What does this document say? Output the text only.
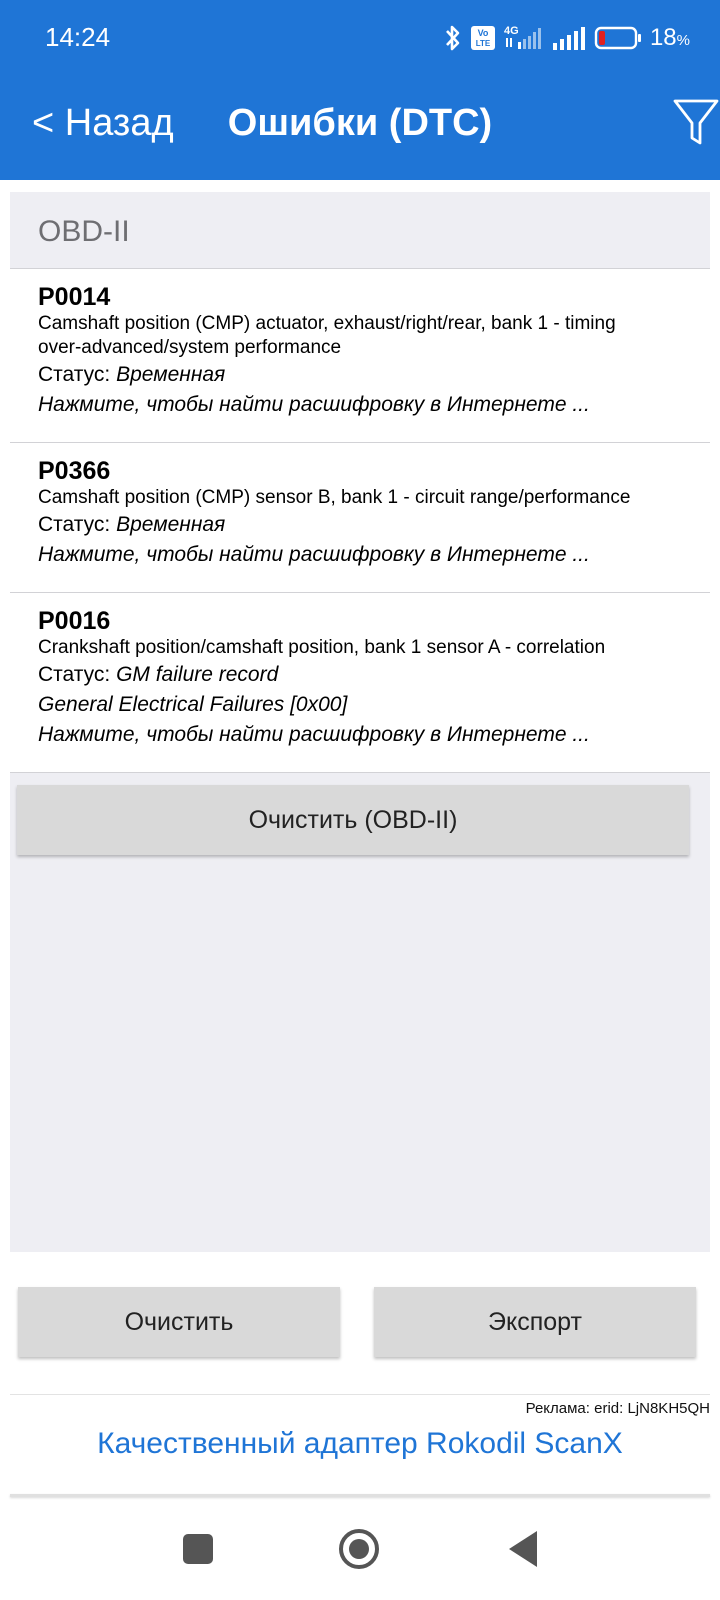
14:24	Vo
LTE
4G	18%
< Назад	Ошибки (DTC)
OBD-II
P0014
Camshaft position (CMP) actuator, exhaust/right/rear, bank 1 - timing
over-advanced/system performance
Статус: Временная
Нажмите, чтобы найти расшифровку в Интернете ...
P0366
Camshaft position (CMP) sensor B, bank 1 - circuit range/performance
Статус: Временная
Нажмите, чтобы найти расшифровку в Интернете ...
P0016
Crankshaft position/camshaft position, bank 1 sensor A - correlation
Статус: GM failure record
General Electrical Failures [0x00]
Нажмите, чтобы найти расшифровку в Интернете ...
Очистить (OBD-II)
Очистить	Экспорт
Реклама: erid: LjN8KH5QH
Качественный адаптер Rokodil ScanX
